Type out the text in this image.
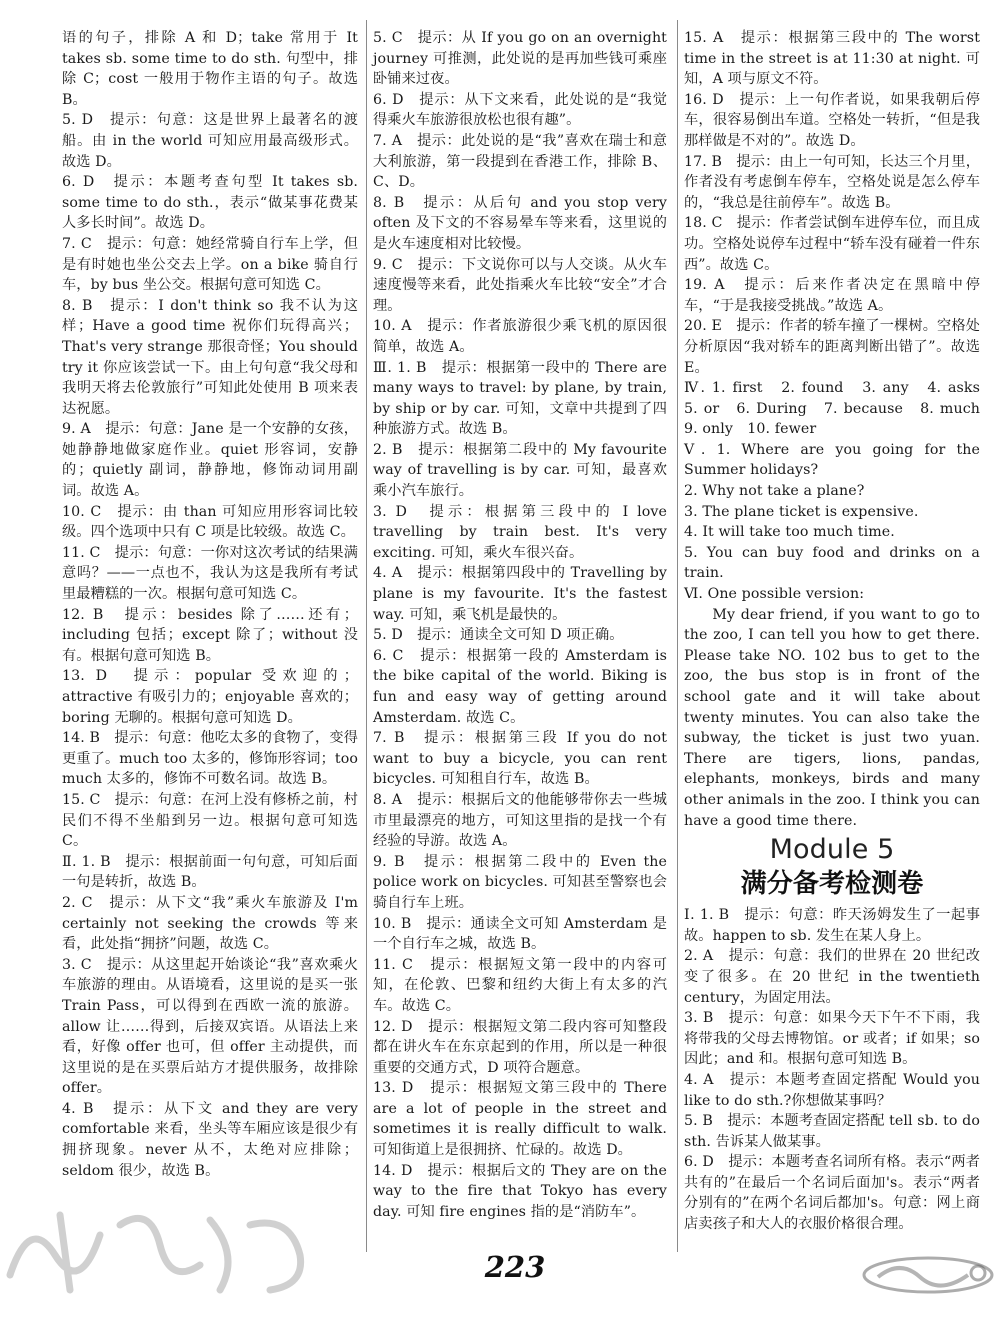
语的句子，排除 A 和 D；take 常用于 It takes sb. some time to do sth. 句型中，排除 C；cost 一般用于物作主语的句子。故选 B。

5. D　提示：句意：这是世界上最著名的渡船。由 in the world 可知应用最高级形式。故选 D。

6. D　提示：本题考查句型 It takes sb. some time to do sth.，表示“做某事花费某人多长时间”。故选 D。

7. C　提示：句意：她经常骑自行车上学，但是有时她也坐公交去上学。on a bike 骑自行车，by bus 坐公交。根据句意可知选 C。

8. B　提示：I don't think so 我不认为这样；Have a good time 祝你们玩得高兴；That's very strange 那很奇怪；You should try it 你应该尝试一下。由上句句意“我父母和我明天将去伦敦旅行”可知此处使用 B 项来表达祝愿。

9. A　提示：句意：Jane 是一个安静的女孩，她静静地做家庭作业。quiet 形容词，安静的；quietly 副词，静静地，修饰动词用副词。故选 A。

10. C　提示：由 than 可知应用形容词比较级。四个选项中只有 C 项是比较级。故选 C。

11. C　提示：句意：一你对这次考试的结果满意吗？——一点也不，我认为这是我所有考试里最糟糕的一次。根据句意可知选 C。

12. B　提示：besides 除了……还有；including 包括；except 除了；without 没有。根据句意可知选 B。

13. D　提示：popular 受欢迎的；attractive 有吸引力的；enjoyable 喜欢的；boring 无聊的。根据句意可知选 D。

14. B　提示：句意：他吃太多的食物了，变得更重了。much too 太多的，修饰形容词；too much 太多的，修饰不可数名词。故选 B。

15. C　提示：句意：在河上没有修桥之前，村民们不得不坐船到另一边。根据句意可知选 C。

Ⅱ. 1. B　提示：根据前面一句句意，可知后面一句是转折，故选 B。

2. C　提示：从下文“我”乘火车旅游及 I'm certainly not seeking the crowds 等来看，此处指“拥挤”问题，故选 C。

3. C　提示：从这里起开始谈论“我”喜欢乘火车旅游的理由。从语境看，这里说的是买一张 Train Pass，可以得到在西欧一流的旅游。allow 让……得到，后接双宾语。从语法上来看，好像 offer 也可，但 offer 主动提供，而这里说的是在买票后站方才提供服务，故排除 offer。

4. B　提示：从下文 and they are very comfortable 来看，坐头等车厢应该是很少有拥挤现象。never 从不，太绝对应排除；seldom 很少，故选 B。

5. C　提示：从 If you go on an overnight journey 可推测，此处说的是再加些钱可乘座卧铺来过夜。

6. D　提示：从下文来看，此处说的是“我觉得乘火车旅游很放松也很有趣”。

7. A　提示：此处说的是“我”喜欢在瑞士和意大利旅游，第一段提到在香港工作，排除 B、C、D。

8. B　提示：从后句 and you stop very often 及下文的不容易晕车等来看，这里说的是火车速度相对比较慢。

9. C　提示：下文说你可以与人交谈。从火车速度慢等来看，此处指乘火车比较“安全”才合理。

10. A　提示：作者旅游很少乘飞机的原因很简单，故选 A。

Ⅲ. 1. B　提示：根据第一段中的 There are many ways to travel: by plane, by train, by ship or by car. 可知，文章中共提到了四种旅游方式。故选 B。

2. B　提示：根据第二段中的 My favourite way of travelling is by car. 可知，最喜欢乘小汽车旅行。

3. D　提示：根据第三段中的 I love travelling by train best. It's very exciting. 可知，乘火车很兴奋。

4. A　提示：根据第四段中的 Travelling by plane is my favourite. It's the fastest way. 可知，乘飞机是最快的。

5. D　提示：通读全文可知 D 项正确。

6. C　提示：根据第一段的 Amsterdam is the bike capital of the world. Biking is fun and easy way of getting around Amsterdam. 故选 C。

7. B　提示：根据第三段 If you do not want to buy a bicycle, you can rent bicycles. 可知租自行车，故选 B。

8. A　提示：根据后文的他能够带你去一些城市里最漂亮的地方，可知这里指的是找一个有经验的导游。故选 A。

9. B　提示：根据第二段中的 Even the police work on bicycles. 可知甚至警察也会骑自行车上班。

10. B　提示：通读全文可知 Amsterdam 是一个自行车之城，故选 B。

11. C　提示：根据短文第一段中的内容可知，在伦敦、巴黎和纽约大街上有太多的汽车。故选 C。

12. D　提示：根据短文第二段内容可知整段都在讲火车在东京起到的作用，所以是一种很重要的交通方式，D 项符合题意。

13. D　提示：根据短文第三段中的 There are a lot of people in the street and sometimes it is really difficult to walk. 可知街道上是很拥挤、忙碌的。故选 D。

14. D　提示：根据后文的 They are on the way to the fire that Tokyo has every day. 可知 fire engines 指的是“消防车”。

15. A　提示：根据第三段中的 The worst time in the street is at 11:30 at night. 可知，A 项与原文不符。

16. D　提示：上一句作者说，如果我朝后停车，很容易倒出车道。空格处一转折，“但是我那样做是不对的”。故选 D。

17. B　提示：由上一句可知，长达三个月里，作者没有考虑倒车停车，空格处说是怎么停车的，“我总是往前停车”。故选 B。

18. C　提示：作者尝试倒车进停车位，而且成功。空格处说停车过程中“轿车没有碰着一件东西”。故选 C。

19. A　提示：后来作者决定在黑暗中停车，“于是我接受挑战。”故选 A。

20. E　提示：作者的轿车撞了一棵树。空格处分析原因“我对轿车的距离判断出错了”。故选 E。

Ⅳ. 1. first　2. found　3. any　4. asks　5. or　6. During　7. because　8. much　9. only　10. fewer

Ⅴ. 1. Where are you going for the Summer holidays?

2. Why not take a plane?

3. The plane ticket is expensive.

4. It will take too much time.

5. You can buy food and drinks on a train.

Ⅵ. One possible version:

My dear friend, if you want to go to the zoo, I can tell you how to get there. Please take NO. 102 bus to get to the zoo, the bus stop is in front of the school gate and it will take about twenty minutes. You can also take the subway, the ticket is just two yuan. There are tigers, lions, pandas, elephants, monkeys, birds and many other animals in the zoo. I think you can have a good time there.

Module 5
满分备考检测卷

Ⅰ. 1. B　提示：句意：昨天汤姆发生了一起事故。happen to sb. 发生在某人身上。

2. A　提示：句意：我们的世界在 20 世纪改变了很多。在 20 世纪 in the twentieth century，为固定用法。

3. B　提示：句意：如果今天下午不下雨，我将带我的父母去博物馆。or 或者；if 如果；so 因此；and 和。根据句意可知选 B。

4. A　提示：本题考查固定搭配 Would you like to do sth.?你想做某事吗？

5. B　提示：本题考查固定搭配 tell sb. to do sth. 告诉某人做某事。

6. D　提示：本题考查名词所有格。表示“两者共有的”在最后一个名词后面加's。表示“两者分别有的”在两个名词后都加's。句意：网上商店卖孩子和大人的衣服价格很合理。

223
